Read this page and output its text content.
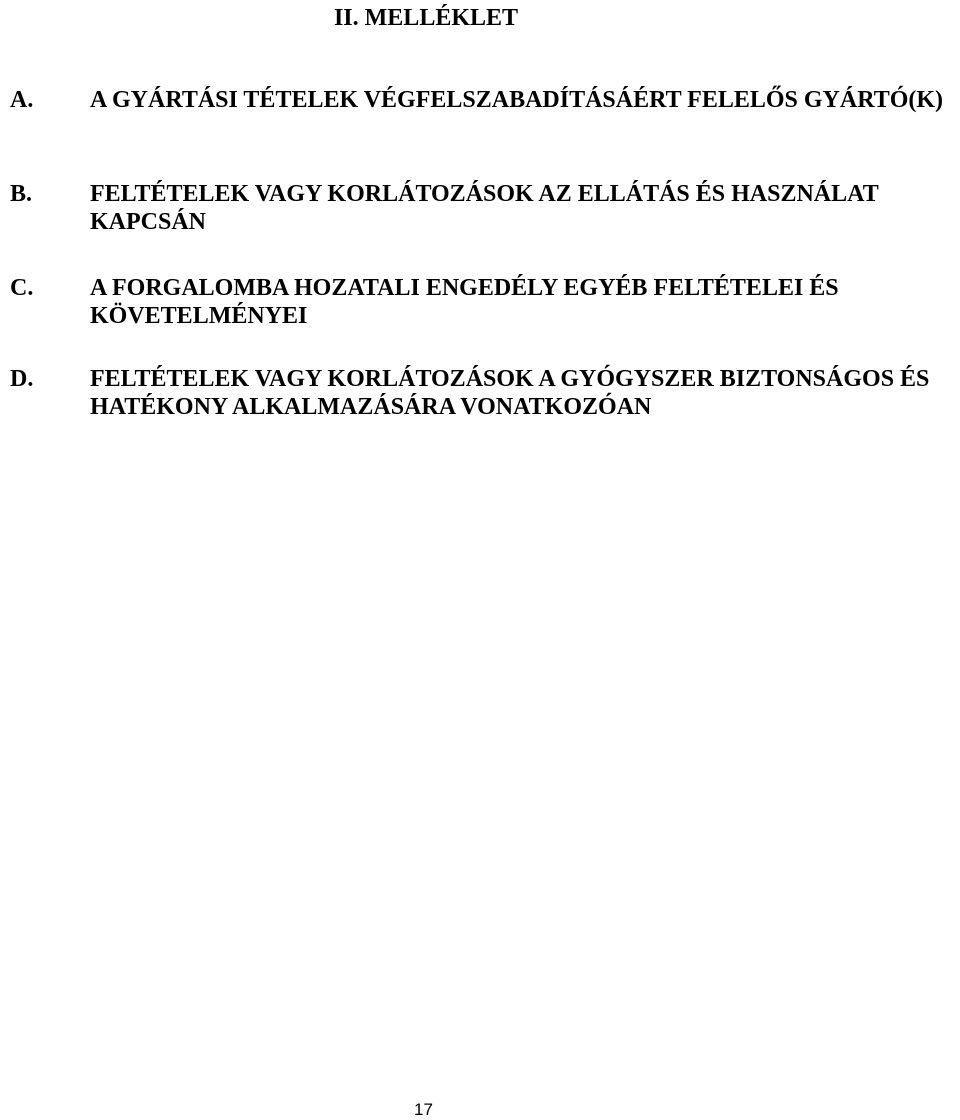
II. MELLÉKLET
A. A GYÁRTÁSI TÉTELEK VÉGFELSZABADÍTÁSÁÉRT FELELŐS GYÁRTÓ(K)
B. FELTÉTELEK VAGY KORLÁTOZÁSOK AZ ELLÁTÁS ÉS HASZNÁLAT KAPCSÁN
C. A FORGALOMBA HOZATALI ENGEDÉLY EGYÉB FELTÉTELEI ÉS KÖVETELMÉNYEI
D. FELTÉTELEK VAGY KORLÁTOZÁSOK A GYÓGYSZER BIZTONSÁGOS ÉS HATÉKONY ALKALMAZÁSÁRA VONATKOZÓAN
17
